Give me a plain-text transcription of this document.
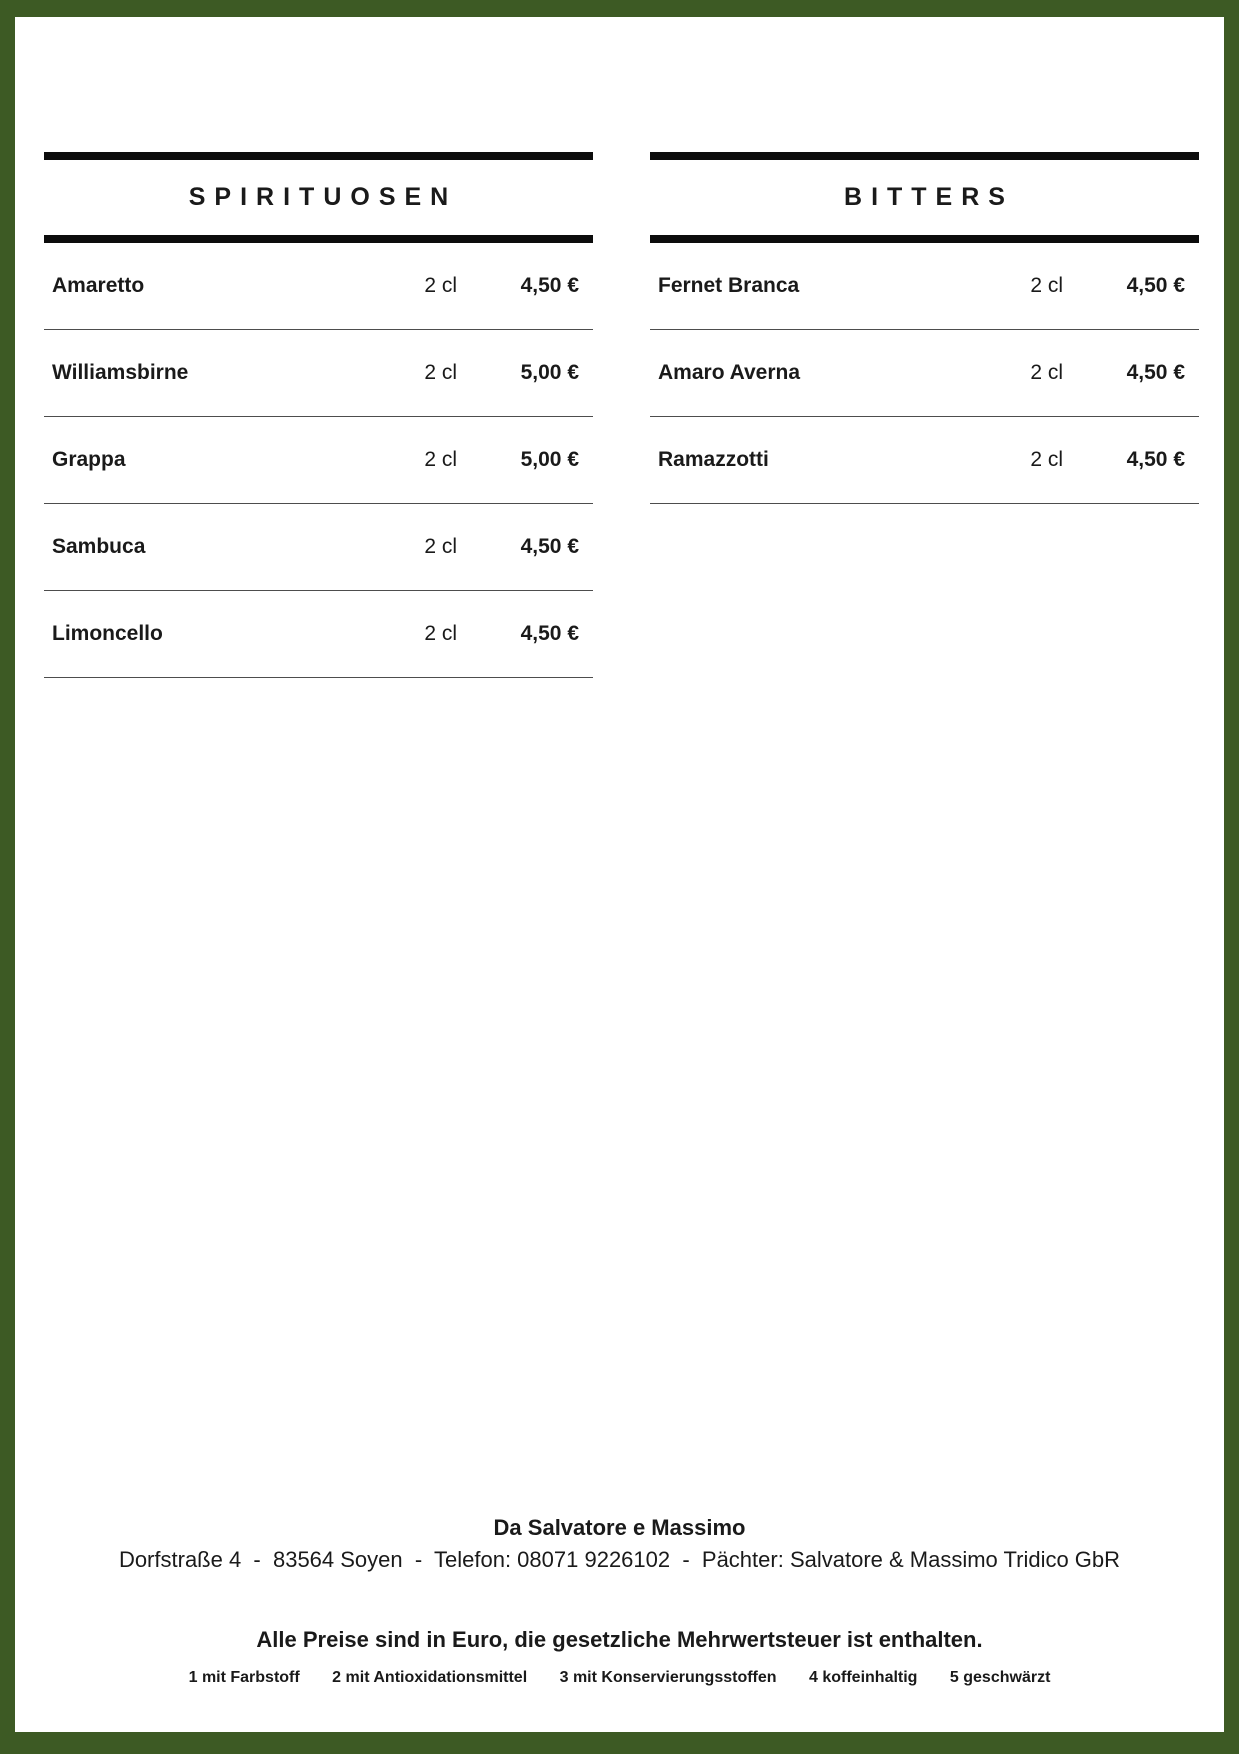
SPIRITUOSEN
Amaretto	2 cl	4,50 €
Williamsbirne	2 cl	5,00 €
Grappa	2 cl	5,00 €
Sambuca	2 cl	4,50 €
Limoncello	2 cl	4,50 €
BITTERS
Fernet Branca	2 cl	4,50 €
Amaro Averna	2 cl	4,50 €
Ramazzotti	2 cl	4,50 €
Da Salvatore e Massimo
Dorfstraße 4  -  83564 Soyen  -  Telefon: 08071 9226102  -  Pächter: Salvatore & Massimo Tridico GbR
Alle Preise sind in Euro, die gesetzliche Mehrwertsteuer ist enthalten.
1 mit Farbstoff 2 mit Antioxidationsmittel 3 mit Konservierungsstoffen 4 koffeinhaltig 5 geschwärzt
